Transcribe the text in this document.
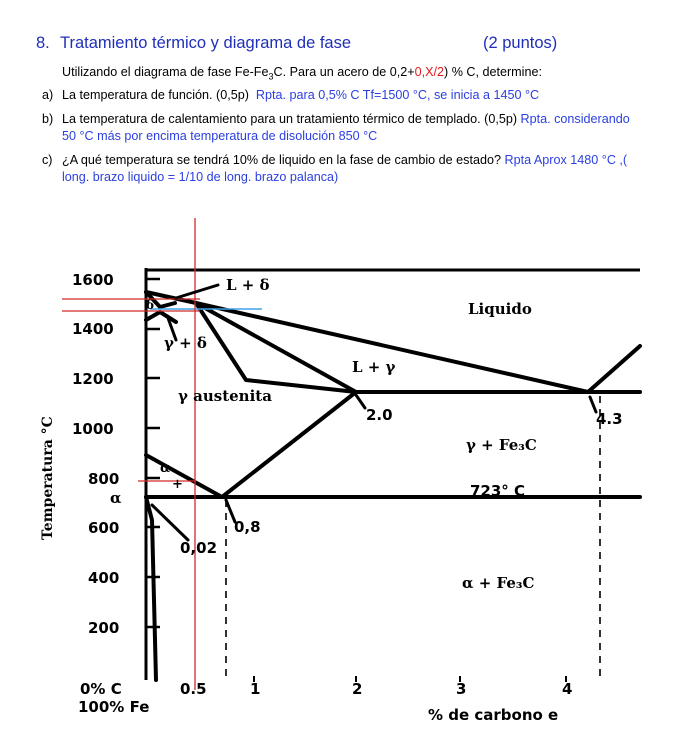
8. Tratamiento térmico y diagrama de fase	(2 puntos)
Utilizando el diagrama de fase $Fe-Fe_3C$. Para un acero de 0,2+0,X/2) % C, determine:
a) La temperatura de función. (0,5p) Rpta. para 0,5% C Tf=1500 °C, se inicia a 1450 °C
b) La temperatura de calentamiento para un tratamiento térmico de templado. (0,5p) Rpta. considerando 50 °C más por encima temperatura de disolución 850 °C
c) ¿A qué temperatura se tendrá 10% de liquido en la fase de cambio de estado? Rpta Aprox 1480 °C ,( long. brazo liquido = 1/10 de long. brazo palanca)
1600
1400
1200
1000
800
600
400
200
Temperatura °C
0% C
100% Fe
0.5	1	2	3	4
% de carbono e
L + δ
δ	Liquido
γ + δ
L + γ
γ austenita
γ + Fe₃C
α + Fe₃C
α
+
α
2.0	4.3
723° C
0,8
0,02
